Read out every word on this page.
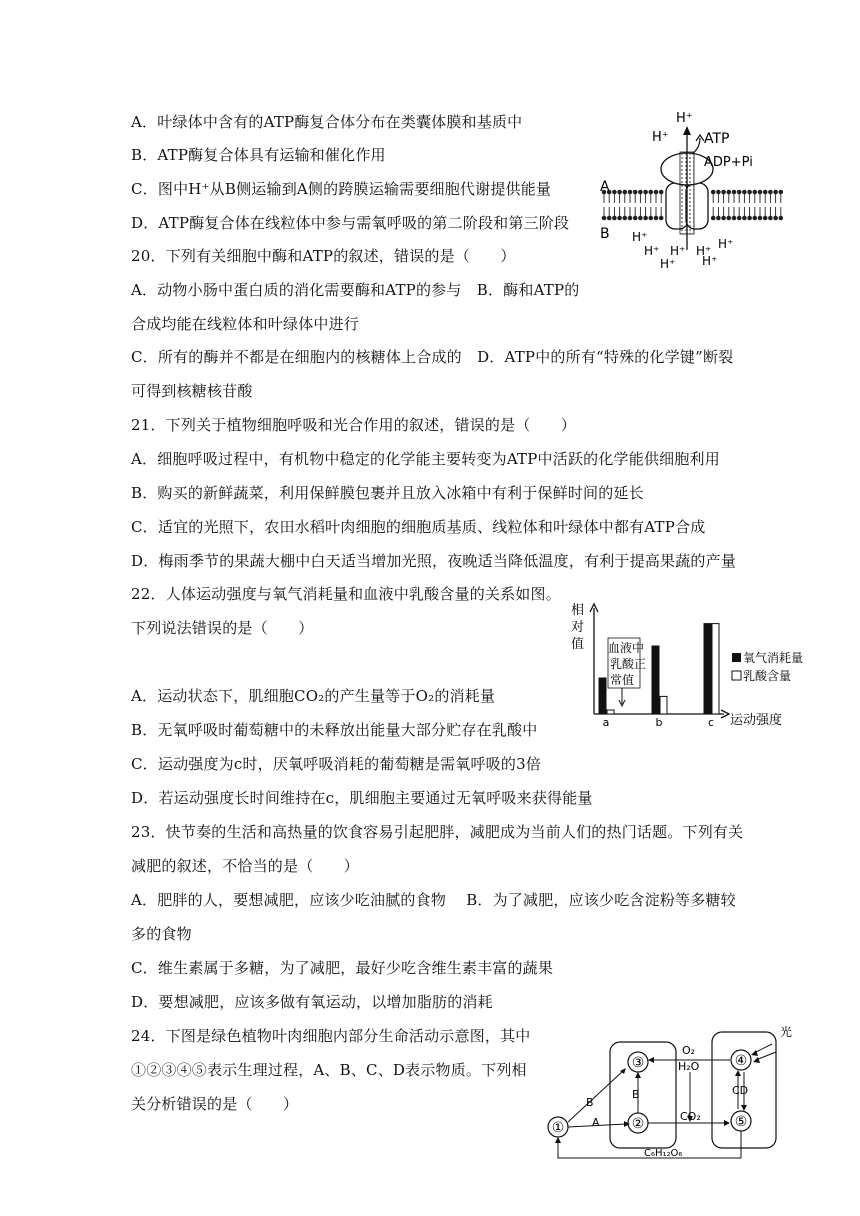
A．叶绿体中含有的ATP酶复合体分布在类囊体膜和基质中
B．ATP酶复合体具有运输和催化作用
C．图中H⁺从B侧运输到A侧的跨膜运输需要细胞代谢提供能量
D．ATP酶复合体在线粒体中参与需氧呼吸的第二阶段和第三阶段
20．下列有关细胞中酶和ATP的叙述，错误的是（　　）
A．动物小肠中蛋白质的消化需要酶和ATP的参与　B．酶和ATP的
合成均能在线粒体和叶绿体中进行
C．所有的酶并不都是在细胞内的核糖体上合成的　D．ATP中的所有“特殊的化学键”断裂
可得到核糖核苷酸
21．下列关于植物细胞呼吸和光合作用的叙述，错误的是（　　）
A．细胞呼吸过程中，有机物中稳定的化学能主要转变为ATP中活跃的化学能供细胞利用
B．购买的新鲜蔬菜，利用保鲜膜包裹并且放入冰箱中有利于保鲜时间的延长
C．适宜的光照下，农田水稻叶肉细胞的细胞质基质、线粒体和叶绿体中都有ATP合成
D．梅雨季节的果蔬大棚中白天适当增加光照，夜晚适当降低温度，有利于提高果蔬的产量
22．人体运动强度与氧气消耗量和血液中乳酸含量的关系如图。
下列说法错误的是（　　）
A．运动状态下，肌细胞CO₂的产生量等于O₂的消耗量
B．无氧呼吸时葡萄糖中的未释放出能量大部分贮存在乳酸中
C．运动强度为c时，厌氧呼吸消耗的葡萄糖是需氧呼吸的3倍
D．若运动强度长时间维持在c，肌细胞主要通过无氧呼吸来获得能量
23．快节奏的生活和高热量的饮食容易引起肥胖，减肥成为当前人们的热门话题。下列有关
减肥的叙述，不恰当的是（　　）
A．肥胖的人，要想减肥，应该少吃油腻的食物　 B．为了减肥，应该少吃含淀粉等多糖较
多的食物
C．维生素属于多糖，为了减肥，最好少吃含维生素丰富的蔬果
D．要想减肥，应该多做有氧运动，以增加脂肪的消耗
24．下图是绿色植物叶肉细胞内部分生命活动示意图，其中
①②③④⑤表示生理过程，A、B、C、D表示物质。下列相
关分析错误的是（　　）
ATP
ADP+Pi
H⁺
H⁺
A
B H⁺
H⁺ H⁺ H⁺ H⁺
H⁺ H⁺
相
对
值
a	b	c
血液中
乳酸正
常值
氧气消耗量
乳酸含量
运动强度
③
②
①
④
⑤
O₂
H₂O
B
B
A	CO₂
CD
光
C₆H₁₂O₆
